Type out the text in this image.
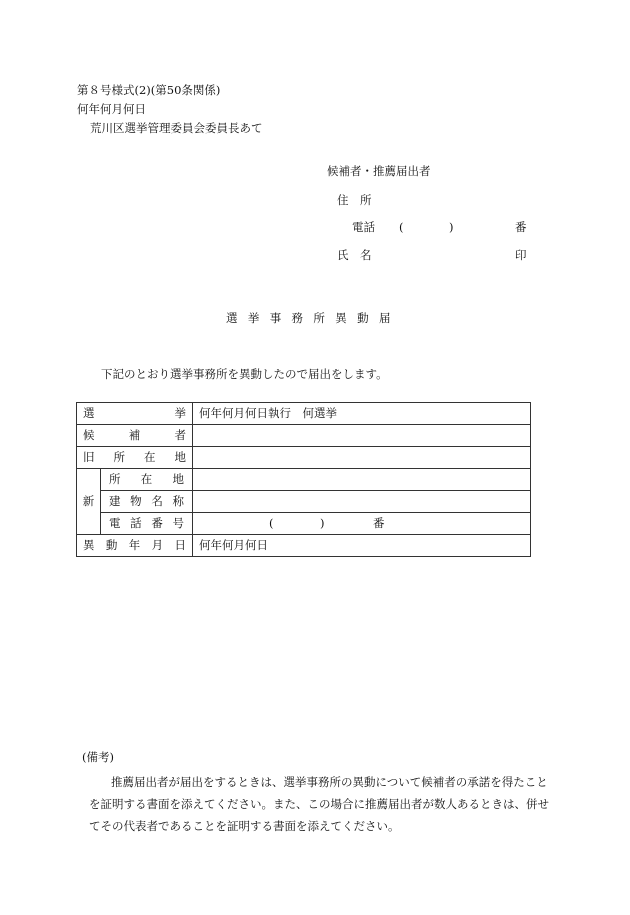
第８号様式(2)(第50条関係)
何年何月何日
荒川区選挙管理委員会委員長あて
候補者・推薦届出者
住　所
電話 (	)	番
氏　名	印
選挙事務所異動届
下記のとおり選挙事務所を異動したので届出をします。
選 挙		何年何月何日執行　何選挙

候 補 者		

旧 所 在 地		

新	所 在 地	

	建 物 名 称	

	電 話 番 号	( ) 番

異 動 年 月 日		何年何月何日
(備考)
推薦届出者が届出をするときは、選挙事務所の異動について候補者の承諾を得たことを証明する書面を添えてください。また、この場合に推薦届出者が数人あるときは、併せてその代表者であることを証明する書面を添えてください。
